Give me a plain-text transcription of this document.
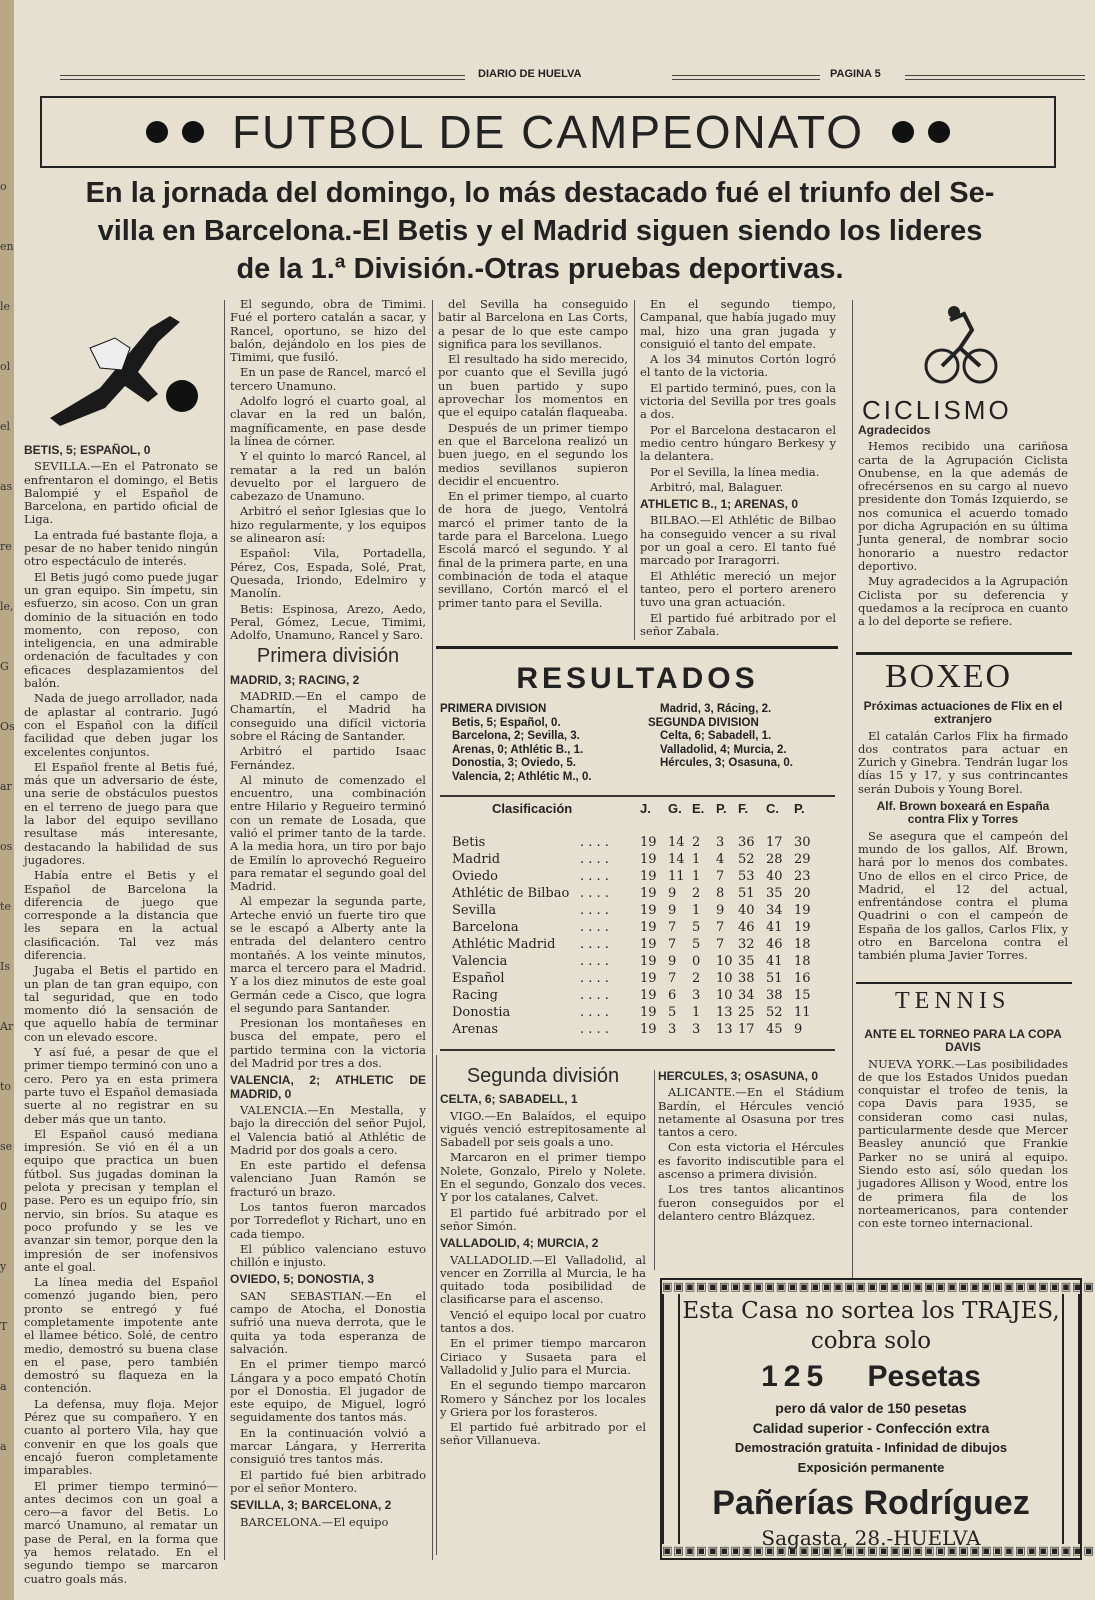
o
en
le
ol
el
as
re
le,
G
Os
ar
os
te
Is
Ar
to
se
0
y
T
a
a
DIARIO DE HUELVA	PAGINA 5
FUTBOL DE CAMPEONATO
En la jornada del domingo, lo más destacado fué el triunfo del Se-
villa en Barcelona.-El Betis y el Madrid siguen siendo los lideres
de la 1.ª División.-Otras pruebas deportivas.
BETIS, 5; ESPAÑOL, 0

SEVILLA.—En el Patronato se enfrentaron el domingo, el Betis Balompié y el Español de Barcelona, en partido oficial de Liga.

La entrada fué bastante floja, a pesar de no haber tenido ningún otro espectáculo de interés.

El Betis jugó como puede jugar un gran equipo. Sin ímpetu, sin esfuerzo, sin acoso. Con un gran dominio de la situación en todo momento, con reposo, con inteligencia, en una admirable ordenación de facultades y con eficaces desplazamientos del balón.

Nada de juego arrollador, nada de aplastar al contrario. Jugó con el Español con la difícil facilidad que deben jugar los excelentes conjuntos.

El Español frente al Betis fué, más que un adversario de éste, una serie de obstáculos puestos en el terreno de juego para que la labor del equipo sevillano resultase más interesante, destacando la habilidad de sus jugadores.

Había entre el Betis y el Español de Barcelona la diferencia de juego que corresponde a la distancia que les separa en la actual clasificación. Tal vez más diferencia.

Jugaba el Betis el partido en un plan de tan gran equipo, con tal seguridad, que en todo momento dió la sensación de que aquello había de terminar con un elevado escore.

Y así fué, a pesar de que el primer tiempo terminó con uno a cero. Pero ya en esta primera parte tuvo el Español demasiada suerte al no registrar en su deber más que un tanto.

El Español causó mediana impresión. Se vió en él a un equipo que practica un buen fútbol. Sus jugadas dominan la pelota y precisan y templan el pase. Pero es un equipo frío, sin nervio, sin bríos. Su ataque es poco profundo y se les ve avanzar sin temor, porque den la impresión de ser inofensivos ante el goal.

La línea media del Español comenzó jugando bien, pero pronto se entregó y fué completamente impotente ante el llamee bético. Solé, de centro medio, demostró su buena clase en el pase, pero también demostró su flaqueza en la contención.

La defensa, muy floja. Mejor Pérez que su compañero. Y en cuanto al portero Vila, hay que convenir en que los goals que encajó fueron completamente imparables.

El primer tiempo terminó—antes decimos con un goal a cero—a favor del Betis. Lo marcó Unamuno, al rematar un pase de Peral, en la forma que ya hemos relatado. En el segundo tiempo se marcaron cuatro goals más.

El segundo, obra de Timimi. Fué el portero catalán a sacar, y Rancel, oportuno, se hizo del balón, dejándolo en los pies de Timimi, que fusiló.

En un pase de Rancel, marcó el tercero Unamuno.

Adolfo logró el cuarto goal, al clavar en la red un balón, magníficamente, en pase desde la línea de córner.

Y el quinto lo marcó Rancel, al rematar a la red un balón devuelto por el larguero de cabezazo de Unamuno.

Arbitró el señor Iglesias que lo hizo regularmente, y los equipos se alinearon así:

Español: Vila, Portadella, Pérez, Cos, Espada, Solé, Prat, Quesada, Iriondo, Edelmiro y Manolín.

Betis: Espinosa, Arezo, Aedo, Peral, Gómez, Lecue, Timimi, Adolfo, Unamuno, Rancel y Saro.

Primera división
MADRID, 3; RACING, 2

MADRID.—En el campo de Chamartín, el Madrid ha conseguido una difícil victoria sobre el Rácing de Santander.

Arbitró el partido Isaac Fernández.

Al minuto de comenzado el encuentro, una combinación entre Hilario y Regueiro terminó con un remate de Losada, que valió el primer tanto de la tarde. A la media hora, un tiro por bajo de Emilín lo aprovechó Regueiro para rematar el segundo goal del Madrid.

Al empezar la segunda parte, Arteche envió un fuerte tiro que se le escapó a Alberty ante la entrada del delantero centro montañés. A los veinte minutos, marca el tercero para el Madrid. Y a los diez minutos de este goal Germán cede a Cisco, que logra el segundo para Santander.

Presionan los montañeses en busca del empate, pero el partido termina con la victoria del Madrid por tres a dos.

VALENCIA, 2; ATHLETIC DE MADRID, 0

VALENCIA.—En Mestalla, y bajo la dirección del señor Pujol, el Valencia batió al Athlétic de Madrid por dos goals a cero.

En este partido el defensa valenciano Juan Ramón se fracturó un brazo.

Los tantos fueron marcados por Torredeflot y Richart, uno en cada tiempo.

El público valenciano estuvo chillón e injusto.

OVIEDO, 5; DONOSTIA, 3

SAN SEBASTIAN.—En el campo de Atocha, el Donostia sufrió una nueva derrota, que le quita ya toda esperanza de salvación.

En el primer tiempo marcó Lángara y a poco empató Chotín por el Donostia. El jugador de este equipo, de Miguel, logró seguidamente dos tantos más.

En la continuación volvió a marcar Lángara, y Herrerita consiguió tres tantos más.

El partido fué bien arbitrado por el señor Montero.

SEVILLA, 3; BARCELONA, 2

BARCELONA.—El equipo

del Sevilla ha conseguido batir al Barcelona en Las Corts, a pesar de lo que este campo significa para los sevillanos.

El resultado ha sido merecido, por cuanto que el Sevilla jugó un buen partido y supo aprovechar los momentos en que el equipo catalán flaqueaba.

Después de un primer tiempo en que el Barcelona realizó un buen juego, en el segundo los medios sevillanos supieron decidir el encuentro.

En el primer tiempo, al cuarto de hora de juego, Ventolrá marcó el primer tanto de la tarde para el Barcelona. Luego Escolá marcó el segundo. Y al final de la primera parte, en una combinación de toda el ataque sevillano, Cortón marcó el el primer tanto para el Sevilla.

En el segundo tiempo, Campanal, que había jugado muy mal, hizo una gran jugada y consiguió el tanto del empate.

A los 34 minutos Cortón logró el tanto de la victoria.

El partido terminó, pues, con la victoria del Sevilla por tres goals a dos.

Por el Barcelona destacaron el medio centro húngaro Berkesy y la delantera.

Por el Sevilla, la línea media.

Arbitró, mal, Balaguer.

ATHLETIC B., 1; ARENAS, 0

BILBAO.—El Athlétic de Bilbao ha conseguido vencer a su rival por un goal a cero. El tanto fué marcado por Iraragorri.

El Athlétic mereció un mejor tanteo, pero el portero arenero tuvo una gran actuación.

El partido fué arbitrado por el señor Zabala.

RESULTADOS
PRIMERA DIVISION
Betis, 5; Español, 0.
Barcelona, 2; Sevilla, 3.
Arenas, 0; Athlétic B., 1.
Donostia, 3; Oviedo, 5.
Valencia, 2; Athlétic M., 0.
Madrid, 3, Rácing, 2.
SEGUNDA DIVISION
Celta, 6; Sabadell, 1.
Valladolid, 4; Murcia, 2.
Hércules, 3; Osasuna, 0.
Clasificación	J. G. E. P. F. C. P.
Betis	. . . . 19 14 2 3 36 17 30
Madrid	. . . . 19 14 1 4 52 28 29
Oviedo	. . . . 19 11 1 7 53 40 23
Athlétic de Bilbao . . . . 19 9 2 8 51 35 20
Sevilla	. . . . 19 9 1 9 40 34 19
Barcelona	. . . . 19 7 5 7 46 41 19
Athlétic Madrid . . . . 19 7 5 7 32 46 18
Valencia	. . . . 19 9 0 10 35 41 18
Español	. . . . 19 7 2 10 38 51 16
Racing	. . . . 19 6 3 10 34 38 15
Donostia	. . . . 19 5 1 13 25 52 11
Arenas	. . . . 19 3 3 13 17 45 9
Segunda división
CELTA, 6; SABADELL, 1

VIGO.—En Balaídos, el equipo vigués venció estrepitosamente al Sabadell por seis goals a uno.

Marcaron en el primer tiempo Nolete, Gonzalo, Pirelo y Nolete. En el segundo, Gonzalo dos veces. Y por los catalanes, Calvet.

El partido fué arbitrado por el señor Simón.

VALLADOLID, 4; MURCIA, 2

VALLADOLID.—El Valladolid, al vencer en Zorrilla al Murcia, le ha quitado toda posibilidad de clasificarse para el ascenso.

Venció el equipo local por cuatro tantos a dos.

En el primer tiempo marcaron Ciriaco y Susaeta para el Valladolid y Julio para el Murcia.

En el segundo tiempo marcaron Romero y Sánchez por los locales y Griera por los forasteros.

El partido fué arbitrado por el señor Villanueva.

HERCULES, 3; OSASUNA, 0

ALICANTE.—En el Stádium Bardín, el Hércules venció netamente al Osasuna por tres tantos a cero.

Con esta victoria el Hércules es favorito indiscutible para el ascenso a primera división.

Los tres tantos alicantinos fueron conseguidos por el delantero centro Blázquez.

CICLISMO
Agradecidos

Hemos recibido una cariñosa carta de la Agrupación Ciclista Onubense, en la que además de ofrecérsenos en su cargo al nuevo presidente don Tomás Izquierdo, se nos comunica el acuerdo tomado por dicha Agrupación en su última Junta general, de nombrar socio honorario a nuestro redactor deportivo.

Muy agradecidos a la Agrupación Ciclista por su deferencia y quedamos a la recíproca en cuanto a lo del deporte se refiere.

BOXEO
Próximas actuaciones de Flix en el extranjero

El catalán Carlos Flix ha firmado dos contratos para actuar en Zurich y Ginebra. Tendrán lugar los días 15 y 17, y sus contrincantes serán Dubois y Young Borel.

Alf. Brown boxeará en España contra Flix y Torres

Se asegura que el campeón del mundo de los gallos, Alf. Brown, hará por lo menos dos combates. Uno de ellos en el circo Price, de Madrid, el 12 del actual, enfrentándose contra el pluma Quadrini o con el campeón de España de los gallos, Carlos Flix, y otro en Barcelona contra el también pluma Javier Torres.

TENNIS
ANTE EL TORNEO PARA LA COPA DAVIS

NUEVA YORK.—Las posibilidades de que los Estados Unidos puedan conquistar el trofeo de tenis, la copa Davis para 1935, se consideran como casi nulas, particularmente desde que Mercer Beasley anunció que Frankie Parker no se unirá al equipo. Siendo esto así, sólo quedan los jugadores Allison y Wood, entre los de primera fila de los norteamericanos, para contender con este torneo internacional.

▣▣▣▣▣▣▣▣▣▣▣▣▣▣▣▣▣▣▣▣▣▣▣▣▣▣▣▣▣▣▣▣▣▣▣▣▣▣
▣▣▣▣▣▣▣▣▣▣▣▣▣▣▣▣▣▣▣▣▣▣▣▣▣▣▣▣▣▣▣▣▣▣▣▣▣▣
Esta Casa no sortea los TRAJES,
cobra solo
125 Pesetas
pero dá valor de 150 pesetas
Calidad superior - Confección extra
Demostración gratuita - Infinidad de dibujos
Exposición permanente
Pañerías Rodríguez
Sagasta, 28.-HUELVA
